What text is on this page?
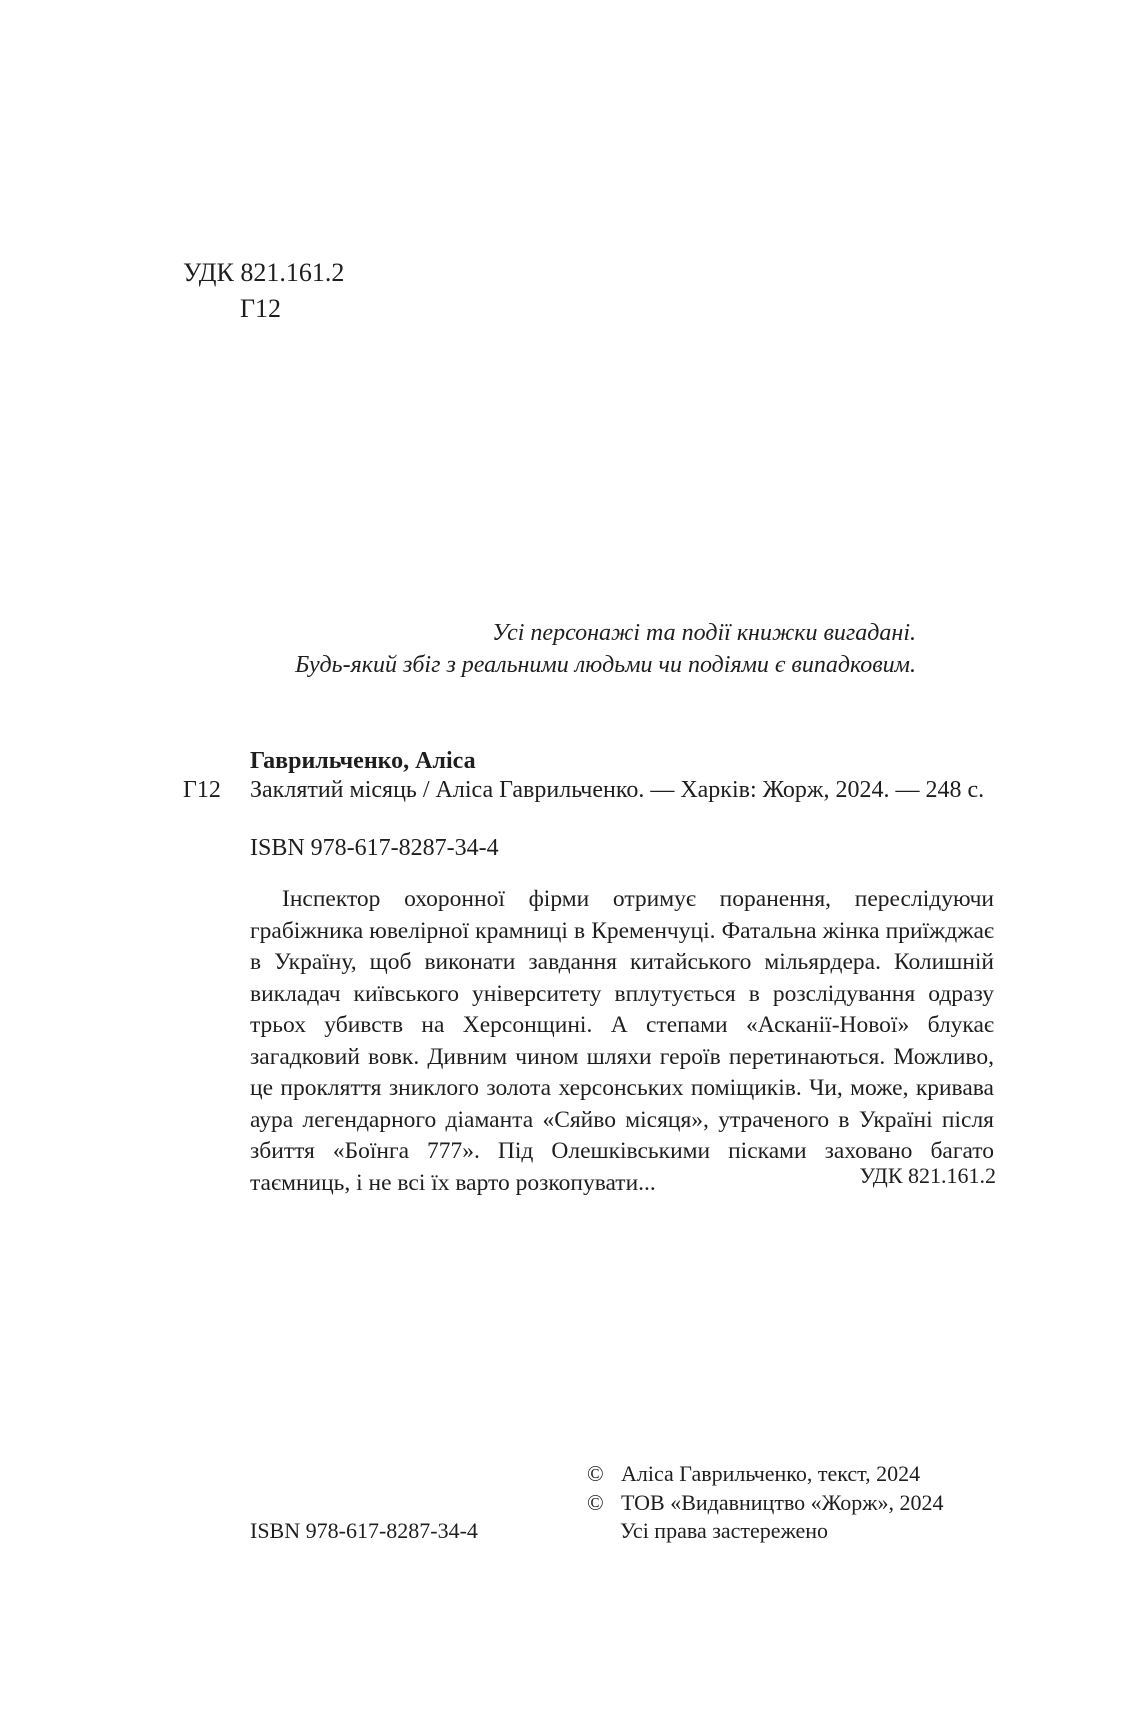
УДК 821.161.2
Г12
Усі персонажі та події книжки вигадані.
Будь-який збіг з реальними людьми чи подіями є випадковим.
Гаврильченко, Аліса
Г12 Заклятий місяць / Аліса Гаврильченко. — Харків: Жорж, 2024. — 248 с.
ISBN 978-617-8287-34-4
Інспектор охоронної фірми отримує поранення, переслідуючи грабіжника ювелірної крамниці в Кременчуці. Фатальна жінка приїжджає в Україну, щоб виконати завдання китайського мільярдера. Колишній викладач київського університету вплутується в розслідування одразу трьох убивств на Херсонщині. А степами «Асканії-Нової» блукає загадковий вовк. Дивним чином шляхи героїв перетинаються. Можливо, це прокляття зниклого золота херсонських поміщиків. Чи, може, кривава аура легендарного діаманта «Сяйво місяця», утраченого в Україні після збиття «Боїнга 777». Під Олешківськими пісками заховано багато таємниць, і не всі їх варто розкопувати...	УДК 821.161.2
© Аліса Гаврильченко, текст, 2024
© ТОВ «Видавництво «Жорж», 2024
Усі права застережено
ISBN 978-617-8287-34-4
